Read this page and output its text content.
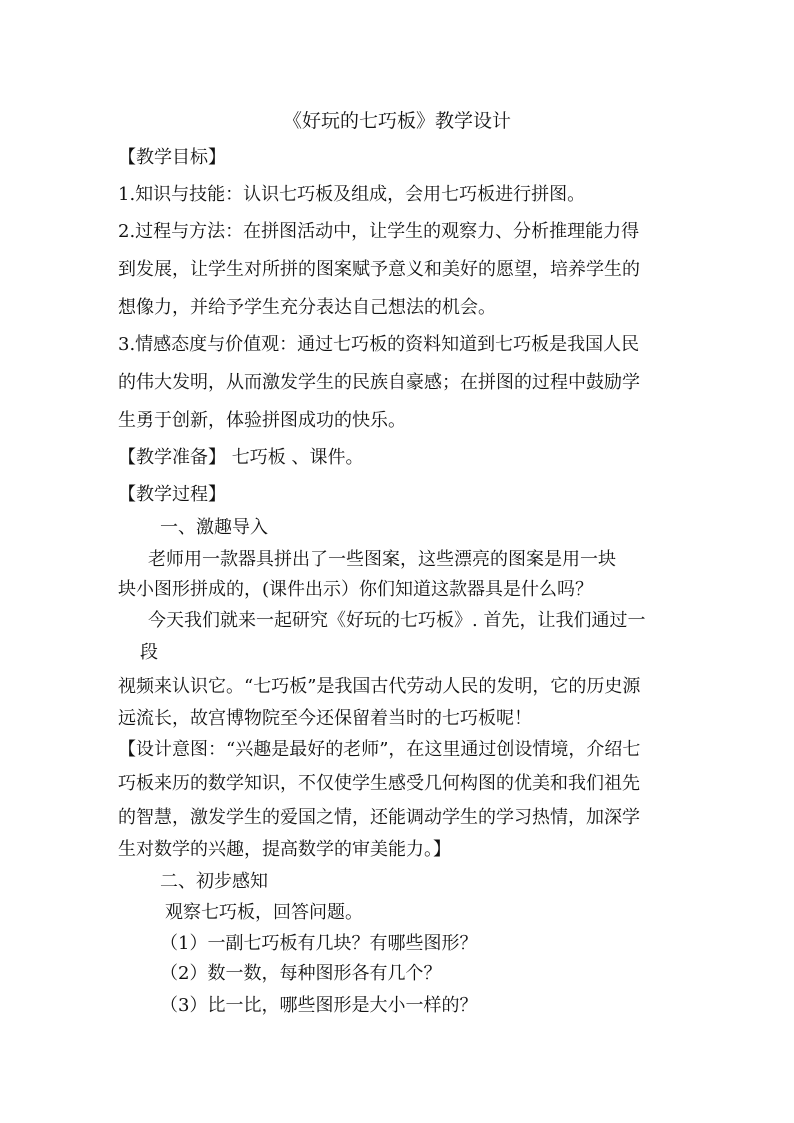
《好玩的七巧板》教学设计
【教学目标】
1.知识与技能：认识七巧板及组成，会用七巧板进行拼图。
2.过程与方法：在拼图活动中，让学生的观察力、分析推理能力得
到发展，让学生对所拼的图案赋予意义和美好的愿望，培养学生的
想像力，并给予学生充分表达自己想法的机会。
3.情感态度与价值观：通过七巧板的资料知道到七巧板是我国人民
的伟大发明，从而激发学生的民族自豪感；在拼图的过程中鼓励学
生勇于创新，体验拼图成功的快乐。
【教学准备】 七巧板 、课件。
【教学过程】
一、激趣导入
老师用一款器具拼出了一些图案，这些漂亮的图案是用一块
块小图形拼成的，(课件出示）你们知道这款器具是什么吗？
今天我们就来一起研究《好玩的七巧板》. 首先，让我们通过一
段
视频来认识它。“七巧板”是我国古代劳动人民的发明，它的历史源
远流长，故宫博物院至今还保留着当时的七巧板呢！
【设计意图：“兴趣是最好的老师”，在这里通过创设情境，介绍七
巧板来历的数学知识，不仅使学生感受几何构图的优美和我们祖先
的智慧，激发学生的爱国之情，还能调动学生的学习热情，加深学
生对数学的兴趣，提高数学的审美能力。】
二、初步感知
观察七巧板，回答问题。
（1）一副七巧板有几块？有哪些图形？
（2）数一数，每种图形各有几个？
（3）比一比，哪些图形是大小一样的？
